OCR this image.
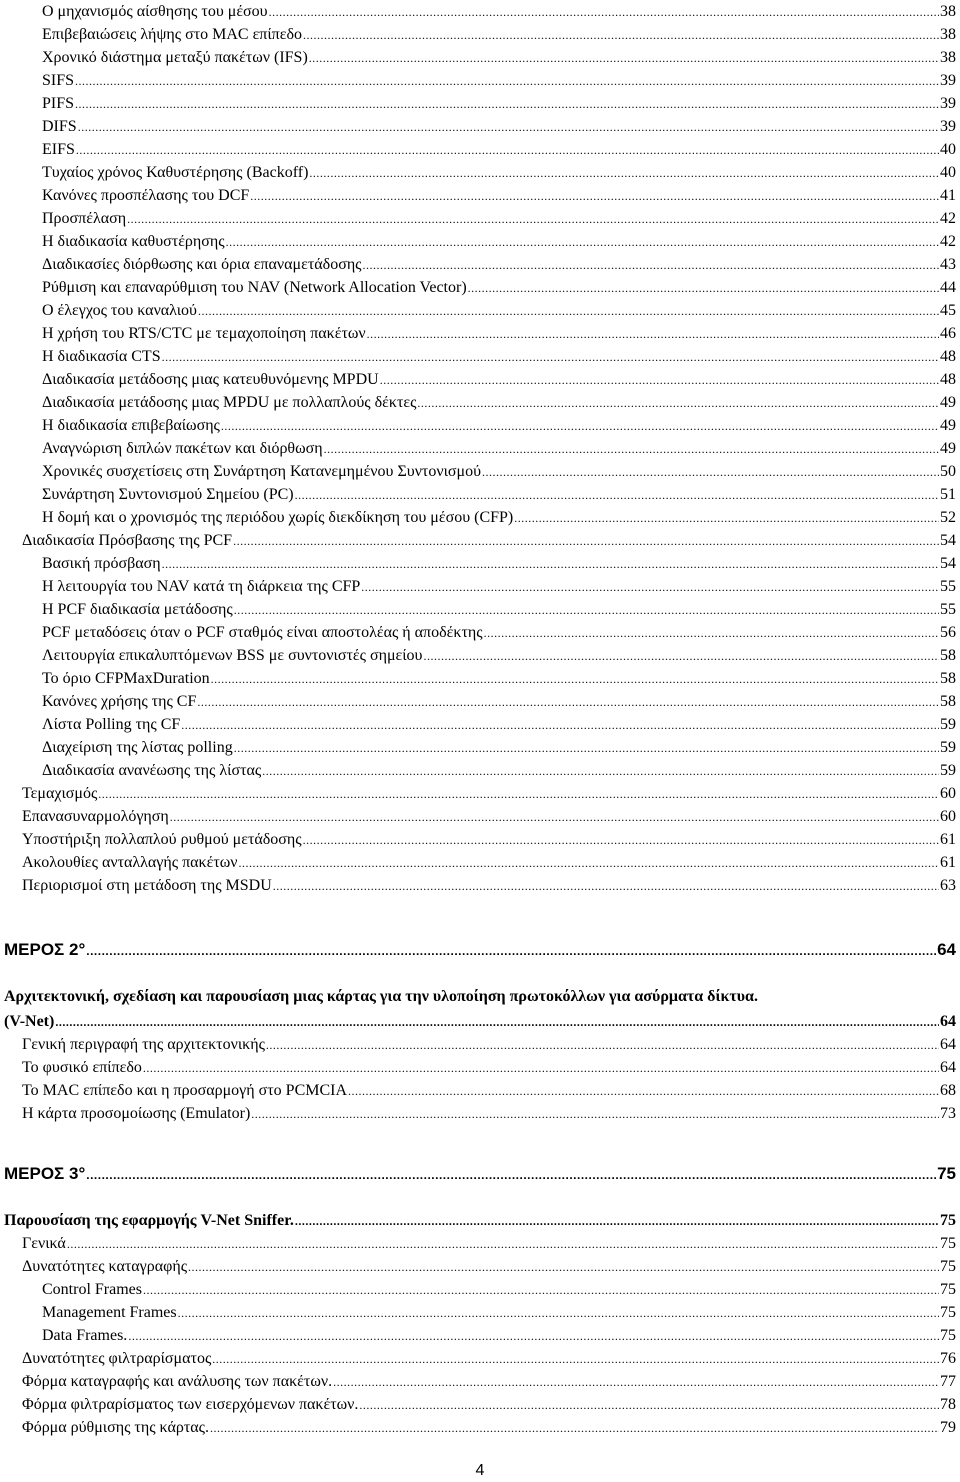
Ο μηχανισμός αίσθησης του μέσου .....	38
Επιβεβαιώσεις λήψης στο MAC επίπεδο .....	38
Χρονικό διάστημα μεταξύ πακέτων (IFS) .....	38
SIFS .....	39
PIFS .....	39
DIFS .....	39
EIFS .....	40
Τυχαίος χρόνος Καθυστέρησης (Backoff) .....	40
Κανόνες προσπέλασης του DCF .....	41
Προσπέλαση .....	42
Η διαδικασία καθυστέρησης .....	42
Διαδικασίες διόρθωσης και όρια επαναμετάδοσης .....	43
Ρύθμιση και επαναρύθμιση του NAV (Network Allocation Vector) .....	44
Ο έλεγχος του καναλιού .....	45
Η χρήση του RTS/CTC με τεμαχοποίηση πακέτων .....	46
Η διαδικασία CTS .....	48
Διαδικασία μετάδοσης μιας κατευθυνόμενης MPDU .....	48
Διαδικασία μετάδοσης μιας MPDU με πολλαπλούς δέκτες .....	49
Η διαδικασία επιβεβαίωσης .....	49
Αναγνώριση διπλών πακέτων και διόρθωση .....	49
Χρονικές συσχετίσεις στη Συνάρτηση Κατανεμημένου Συντονισμού .....	50
Συνάρτηση Συντονισμού Σημείου (PC) .....	51
Η δομή και ο χρονισμός της περιόδου χωρίς διεκδίκηση του μέσου (CFP) .....	52
Διαδικασία Πρόσβασης της PCF .....	54
Βασική πρόσβαση .....	54
Η λειτουργία του NAV κατά τη διάρκεια της CFP .....	55
Η PCF διαδικασία μετάδοσης .....	55
PCF μεταδόσεις όταν ο PCF σταθμός είναι αποστολέας ή αποδέκτης .....	56
Λειτουργία επικαλυπτόμενων BSS με συντονιστές σημείου .....	58
Το όριο CFPMaxDuration .....	58
Κανόνες χρήσης της CF .....	58
Λίστα Polling της CF .....	59
Διαχείριση της λίστας polling .....	59
Διαδικασία ανανέωσης της λίστας .....	59
Τεμαχισμός .....	60
Επανασυναρμολόγηση .....	60
Υποστήριξη πολλαπλού ρυθμού μετάδοσης .....	61
Ακολουθίες ανταλλαγής πακέτων .....	61
Περιορισμοί στη μετάδοση της MSDU .....	63
ΜΕΡΟΣ 2° .....	64
Αρχιτεκτονική, σχεδίαση και παρουσίαση μιας κάρτας για την υλοποίηση πρωτοκόλλων για ασύρματα δίκτυα.
(V-Net) .....	64
Γενική περιγραφή της αρχιτεκτονικής .....	64
Το φυσικό επίπεδο .....	64
Το MAC επίπεδο και η προσαρμογή στο PCMCIA .....	68
Η κάρτα προσομοίωσης (Emulator) .....	73
ΜΕΡΟΣ 3° .....	75
Παρουσίαση της εφαρμογής V-Net Sniffer. .....	75
Γενικά .....	75
Δυνατότητες καταγραφής .....	75
Control Frames .....	75
Management Frames .....	75
Data Frames. .....	75
Δυνατότητες φιλτραρίσματος .....	76
Φόρμα καταγραφής και ανάλυσης των πακέτων. .....	77
Φόρμα φιλτραρίσματος των εισερχόμενων πακέτων. .....	78
Φόρμα ρύθμισης της κάρτας. .....	79
4
